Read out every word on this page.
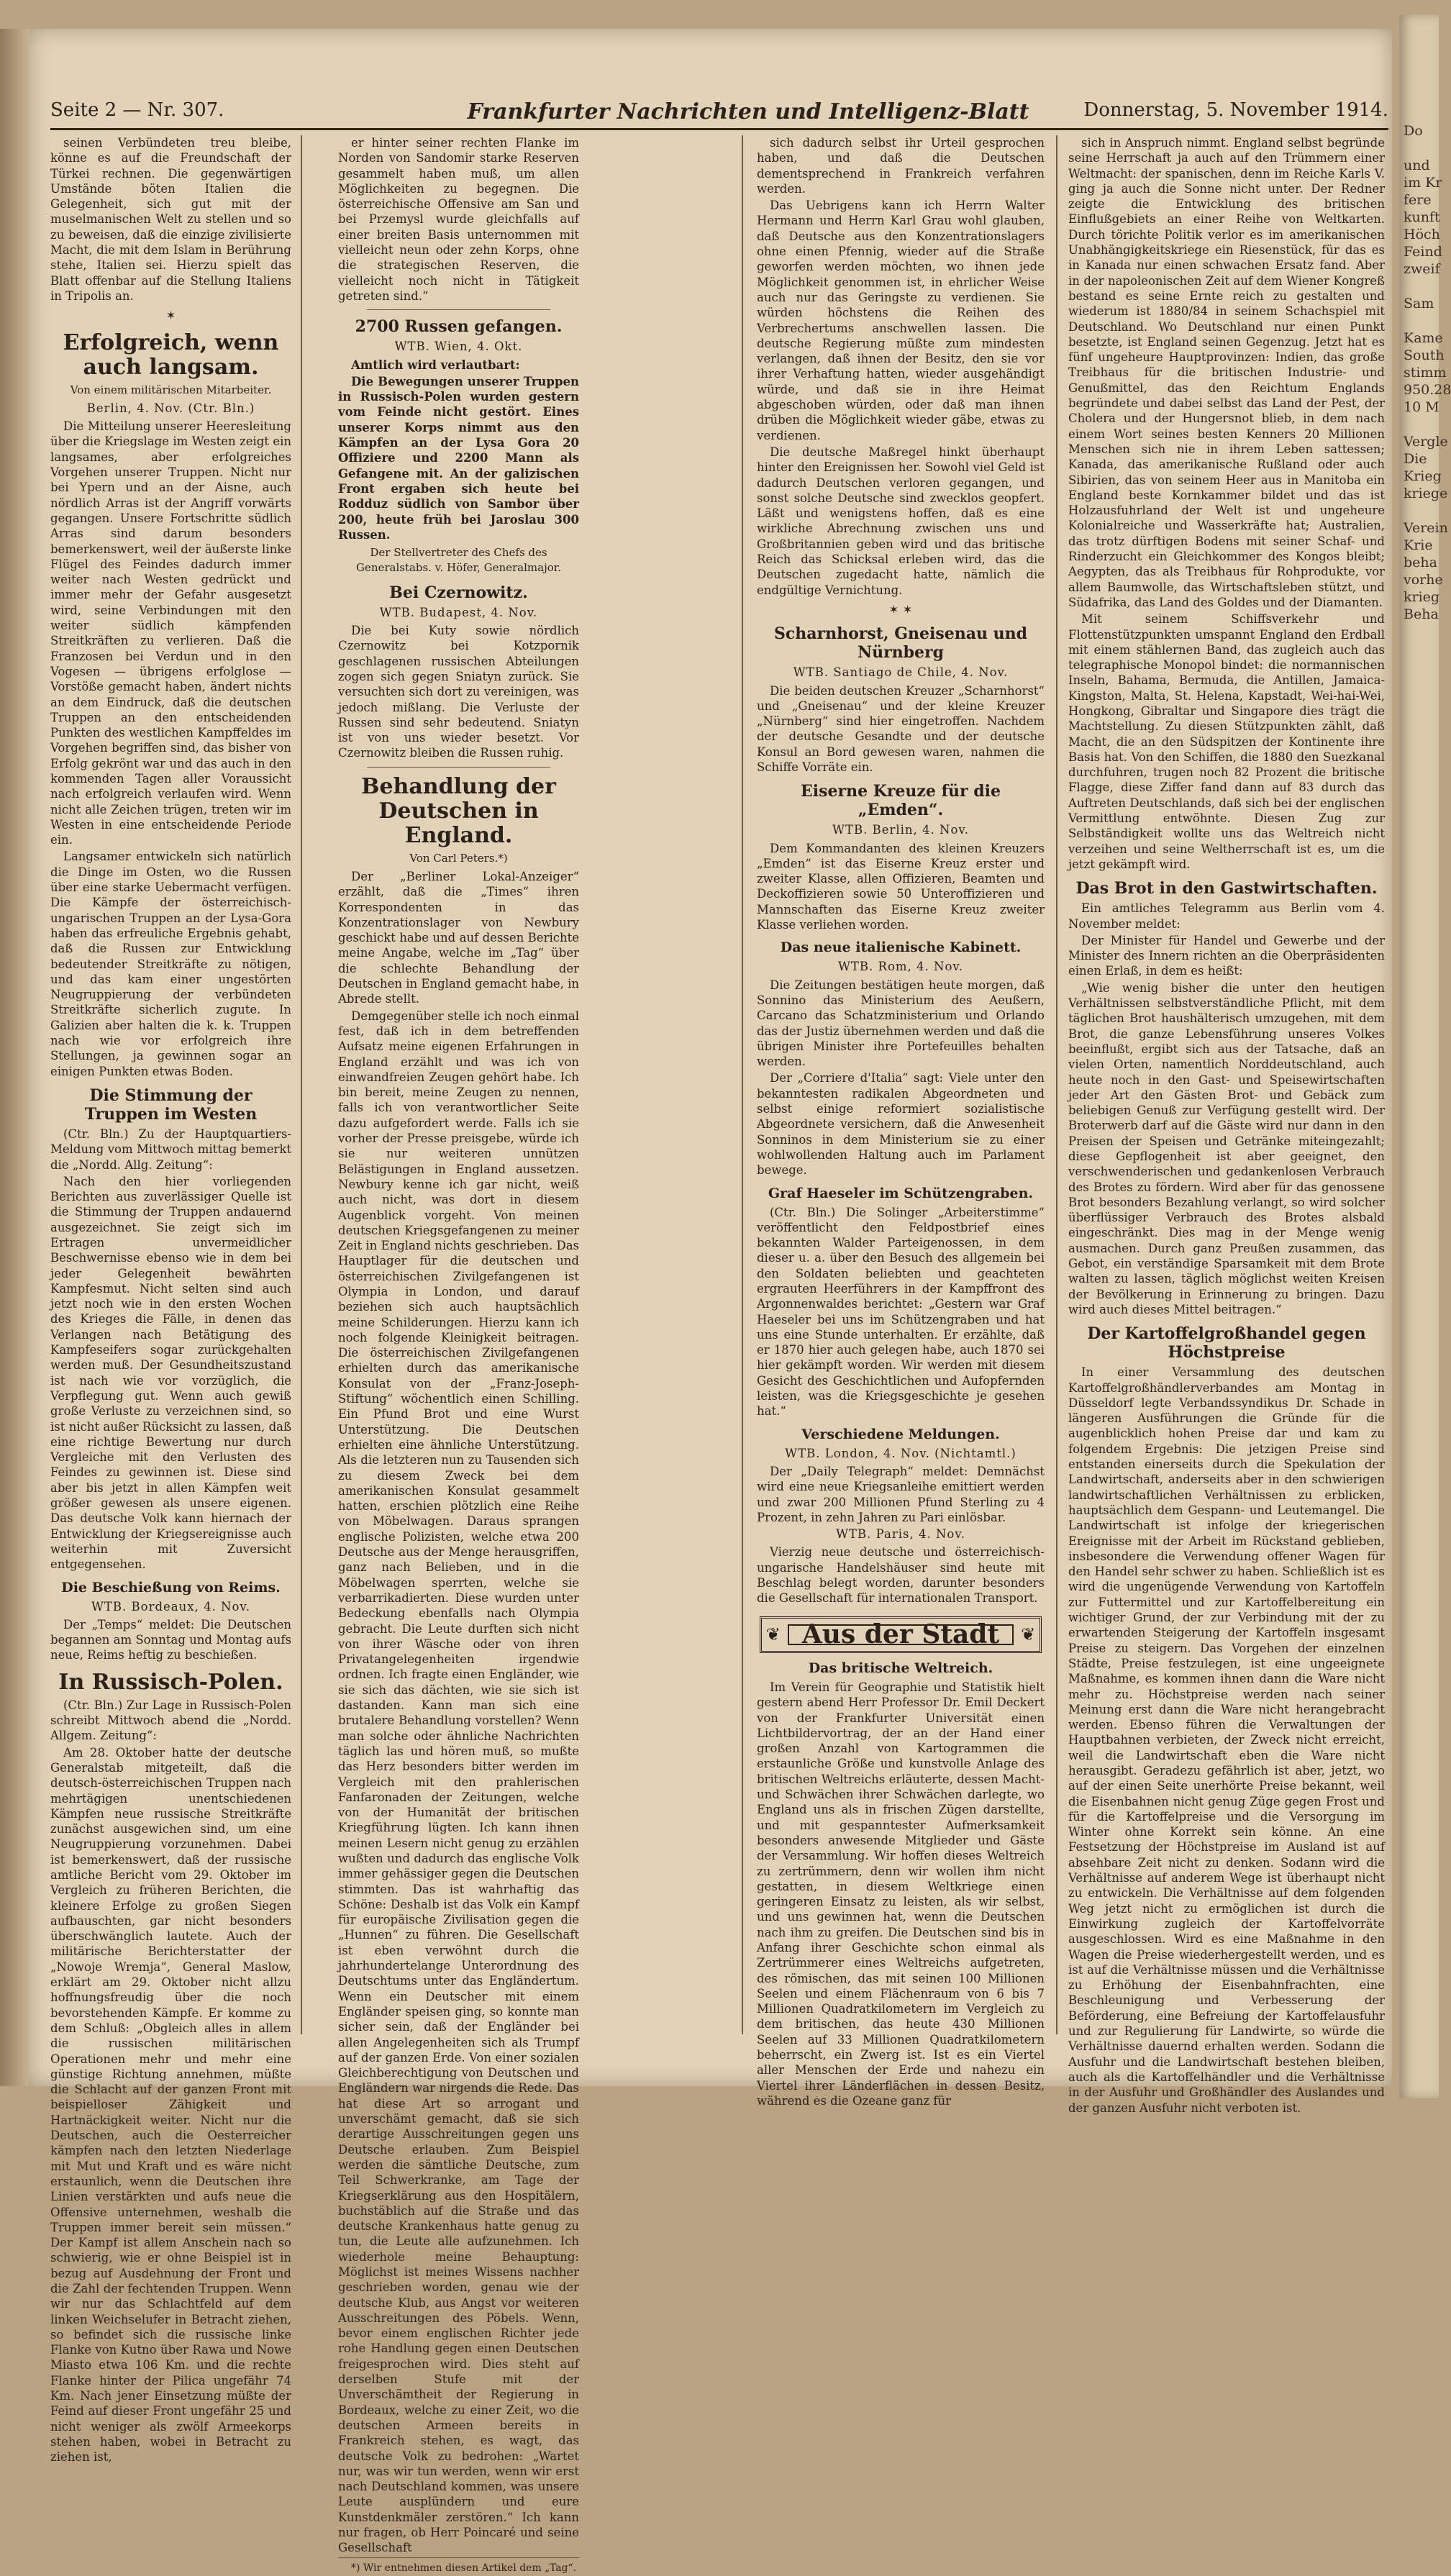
Do

und
im Kr
fere
kunft
Höch
Feind
zweif

Sam

Kame
South
stimm
950.28
10 M

Vergle
Die
Krieg
kriege

Verein
Krie
beha
vorhe
krieg
Beha
Seite 2 — Nr. 307.	Frankfurter Nachrichten und Intelligenz-Blatt	Donnerstag, 5. November 1914.

seinen Verbündeten treu bleibe, könne es auf die Freundschaft der Türkei rechnen. Die gegenwärtigen Umstände böten Italien die Gelegenheit, sich gut mit der muselmanischen Welt zu stellen und so zu beweisen, daß die einzige zivilisierte Macht, die mit dem Islam in Berührung stehe, Italien sei. Hierzu spielt das Blatt offenbar auf die Stellung Italiens in Tripolis an.

✶
Erfolgreich, wenn auch langsam.

Von einem militärischen Mitarbeiter.

Berlin, 4. Nov. (Ctr. Bln.)

Die Mitteilung unserer Heeresleitung über die Kriegslage im Westen zeigt ein langsames, aber erfolgreiches Vorgehen unserer Truppen. Nicht nur bei Ypern und an der Aisne, auch nördlich Arras ist der Angriff vorwärts gegangen. Unsere Fortschritte südlich Arras sind darum besonders bemerkenswert, weil der äußerste linke Flügel des Feindes dadurch immer weiter nach Westen gedrückt und immer mehr der Gefahr ausgesetzt wird, seine Verbindungen mit den weiter südlich kämpfenden Streitkräften zu verlieren. Daß die Franzosen bei Verdun und in den Vogesen — übrigens erfolglose — Vorstöße gemacht haben, ändert nichts an dem Eindruck, daß die deutschen Truppen an den entscheidenden Punkten des westlichen Kampffeldes im Vorgehen begriffen sind, das bisher von Erfolg gekrönt war und das auch in den kommenden Tagen aller Voraussicht nach erfolgreich verlaufen wird. Wenn nicht alle Zeichen trügen, treten wir im Westen in eine entscheidende Periode ein.

Langsamer entwickeln sich natürlich die Dinge im Osten, wo die Russen über eine starke Uebermacht verfügen. Die Kämpfe der österreichisch-ungarischen Truppen an der Lysa-Gora haben das erfreuliche Ergebnis gehabt, daß die Russen zur Entwicklung bedeutender Streitkräfte zu nötigen, und das kam einer ungestörten Neugruppierung der verbündeten Streitkräfte sicherlich zugute. In Galizien aber halten die k. k. Truppen nach wie vor erfolgreich ihre Stellungen, ja gewinnen sogar an einigen Punkten etwas Boden.

Die Stimmung der Truppen im Westen

(Ctr. Bln.) Zu der Hauptquartiers-Meldung vom Mittwoch mittag bemerkt die „Nordd. Allg. Zeitung“:

Nach den hier vorliegenden Berichten aus zuverlässiger Quelle ist die Stimmung der Truppen andauernd ausgezeichnet. Sie zeigt sich im Ertragen unvermeidlicher Beschwernisse ebenso wie in dem bei jeder Gelegenheit bewährten Kampfesmut. Nicht selten sind auch jetzt noch wie in den ersten Wochen des Krieges die Fälle, in denen das Verlangen nach Betätigung des Kampfeseifers sogar zurückgehalten werden muß. Der Gesundheitszustand ist nach wie vor vorzüglich, die Verpflegung gut. Wenn auch gewiß große Verluste zu verzeichnen sind, so ist nicht außer Rücksicht zu lassen, daß eine richtige Bewertung nur durch Vergleiche mit den Verlusten des Feindes zu gewinnen ist. Diese sind aber bis jetzt in allen Kämpfen weit größer gewesen als unsere eigenen. Das deutsche Volk kann hiernach der Entwicklung der Kriegsereignisse auch weiterhin mit Zuversicht entgegensehen.

Die Beschießung von Reims.

WTB. Bordeaux, 4. Nov.

Der „Temps“ meldet: Die Deutschen begannen am Sonntag und Montag aufs neue, Reims heftig zu beschießen.

In Russisch-Polen.

(Ctr. Bln.) Zur Lage in Russisch-Polen schreibt Mittwoch abend die „Nordd. Allgem. Zeitung“:

Am 28. Oktober hatte der deutsche Generalstab mitgeteilt, daß die deutsch-österreichischen Truppen nach mehrtägigen unentschiedenen Kämpfen neue russische Streitkräfte zunächst ausgewichen sind, um eine Neugruppierung vorzunehmen. Dabei ist bemerkenswert, daß der russische amtliche Bericht vom 29. Oktober im Vergleich zu früheren Berichten, die kleinere Erfolge zu großen Siegen aufbauschten, gar nicht besonders überschwänglich lautete. Auch der militärische Berichterstatter der „Nowoje Wremja“, General Maslow, erklärt am 29. Oktober nicht allzu hoffnungsfreudig über die noch bevorstehenden Kämpfe. Er komme zu dem Schluß: „Obgleich alles in allem die russischen militärischen Operationen mehr und mehr eine günstige Richtung annehmen, müßte die Schlacht auf der ganzen Front mit beispielloser Zähigkeit und Hartnäckigkeit weiter. Nicht nur die Deutschen, auch die Oesterreicher kämpfen nach den letzten Niederlage mit Mut und Kraft und es wäre nicht erstaunlich, wenn die Deutschen ihre Linien verstärkten und aufs neue die Offensive unternehmen, weshalb die Truppen immer bereit sein müssen.“ Der Kampf ist allem Anschein nach so schwierig, wie er ohne Beispiel ist in bezug auf Ausdehnung der Front und die Zahl der fechtenden Truppen. Wenn wir nur das Schlachtfeld auf dem linken Weichselufer in Betracht ziehen, so befindet sich die russische linke Flanke von Kutno über Rawa und Nowe Miasto etwa 106 Km. und die rechte Flanke hinter der Pilica ungefähr 74 Km. Nach jener Einsetzung müßte der Feind auf dieser Front ungefähr 25 und nicht weniger als zwölf Armeekorps stehen haben, wobei in Betracht zu ziehen ist,

er hinter seiner rechten Flanke im Norden von Sandomir starke Reserven gesammelt haben muß, um allen Möglichkeiten zu begegnen. Die österreichische Offensive am San und bei Przemysl wurde gleichfalls auf einer breiten Basis unternommen mit vielleicht neun oder zehn Korps, ohne die strategischen Reserven, die vielleicht noch nicht in Tätigkeit getreten sind.“

2700 Russen gefangen.

WTB. Wien, 4. Okt.

Amtlich wird verlautbart:

Die Bewegungen unserer Truppen in Russisch-Polen wurden gestern vom Feinde nicht gestört. Eines unserer Korps nimmt aus den Kämpfen an der Lysa Gora 20 Offiziere und 2200 Mann als Gefangene mit. An der galizischen Front ergaben sich heute bei Rodduz südlich von Sambor über 200, heute früh bei Jaroslau 300 Russen.

Der Stellvertreter des Chefs des Generalstabs. v. Höfer, Generalmajor.

Bei Czernowitz.

WTB. Budapest, 4. Nov.

Die bei Kuty sowie nördlich Czernowitz bei Kotzpornik geschlagenen russischen Abteilungen zogen sich gegen Sniatyn zurück. Sie versuchten sich dort zu vereinigen, was jedoch mißlang. Die Verluste der Russen sind sehr bedeutend. Sniatyn ist von uns wieder besetzt. Vor Czernowitz bleiben die Russen ruhig.

Behandlung der Deutschen in England.

Von Carl Peters.*)

Der „Berliner Lokal-Anzeiger“ erzählt, daß die „Times“ ihren Korrespondenten in das Konzentrationslager von Newbury geschickt habe und auf dessen Berichte meine Angabe, welche im „Tag“ über die schlechte Behandlung der Deutschen in England gemacht habe, in Abrede stellt.

Demgegenüber stelle ich noch einmal fest, daß ich in dem betreffenden Aufsatz meine eigenen Erfahrungen in England erzählt und was ich von einwandfreien Zeugen gehört habe. Ich bin bereit, meine Zeugen zu nennen, falls ich von verantwortlicher Seite dazu aufgefordert werde. Falls ich sie vorher der Presse preisgebe, würde ich sie nur weiteren unnützen Belästigungen in England aussetzen. Newbury kenne ich gar nicht, weiß auch nicht, was dort in diesem Augenblick vorgeht. Von meinen deutschen Kriegsgefangenen zu meiner Zeit in England nichts geschrieben. Das Hauptlager für die deutschen und österreichischen Zivilgefangenen ist Olympia in London, und darauf beziehen sich auch hauptsächlich meine Schilderungen. Hierzu kann ich noch folgende Kleinigkeit beitragen. Die österreichischen Zivilgefangenen erhielten durch das amerikanische Konsulat von der „Franz-Joseph-Stiftung“ wöchentlich einen Schilling. Ein Pfund Brot und eine Wurst Unterstützung. Die Deutschen erhielten eine ähnliche Unterstützung. Als die letzteren nun zu Tausenden sich zu diesem Zweck bei dem amerikanischen Konsulat gesammelt hatten, erschien plötzlich eine Reihe von Möbelwagen. Daraus sprangen englische Polizisten, welche etwa 200 Deutsche aus der Menge herausgriffen, ganz nach Belieben, und in die Möbelwagen sperrten, welche sie verbarrikadierten. Diese wurden unter Bedeckung ebenfalls nach Olympia gebracht. Die Leute durften sich nicht von ihrer Wäsche oder von ihren Privatangelegenheiten irgendwie ordnen. Ich fragte einen Engländer, wie sie sich das dächten, wie sie sich ist dastanden. Kann man sich eine brutalere Behandlung vorstellen? Wenn man solche oder ähnliche Nachrichten täglich las und hören muß, so mußte das Herz besonders bitter werden im Vergleich mit den prahlerischen Fanfaronaden der Zeitungen, welche von der Humanität der britischen Kriegführung lügten. Ich kann ihnen meinen Lesern nicht genug zu erzählen wußten und dadurch das englische Volk immer gehässiger gegen die Deutschen stimmten. Das ist wahrhaftig das Schöne: Deshalb ist das Volk ein Kampf für europäische Zivilisation gegen die „Hunnen“ zu führen. Die Gesellschaft ist eben verwöhnt durch die jahrhundertelange Unterordnung des Deutschtums unter das Engländertum. Wenn ein Deutscher mit einem Engländer speisen ging, so konnte man sicher sein, daß der Engländer bei allen Angelegenheiten sich als Trumpf auf der ganzen Erde. Von einer sozialen Gleichberechtigung von Deutschen und Engländern war nirgends die Rede. Das hat diese Art so arrogant und unverschämt gemacht, daß sie sich derartige Ausschreitungen gegen uns Deutsche erlauben. Zum Beispiel werden die sämtliche Deutsche, zum Teil Schwerkranke, am Tage der Kriegserklärung aus den Hospitälern, buchstäblich auf die Straße und das deutsche Krankenhaus hatte genug zu tun, die Leute alle aufzunehmen. Ich wiederhole meine Behauptung: Möglichst ist meines Wissens nachher geschrieben worden, genau wie der deutsche Klub, aus Angst vor weiteren Ausschreitungen des Pöbels. Wenn, bevor einem englischen Richter jede rohe Handlung gegen einen Deutschen freigesprochen wird. Dies steht auf derselben Stufe mit der Unverschämtheit der Regierung in Bordeaux, welche zu einer Zeit, wo die deutschen Armeen bereits in Frankreich stehen, es wagt, das deutsche Volk zu bedrohen: „Wartet nur, was wir tun werden, wenn wir erst nach Deutschland kommen, was unsere Leute ausplündern und eure Kunstdenkmäler zerstören.“ Ich kann nur fragen, ob Herr Poincaré und seine Gesellschaft

*) Wir entnehmen diesen Artikel dem „Tag“.

sich dadurch selbst ihr Urteil gesprochen haben, und daß die Deutschen dementsprechend in Frankreich verfahren werden.

Das Uebrigens kann ich Herrn Walter Hermann und Herrn Karl Grau wohl glauben, daß Deutsche aus den Konzentrationslagers ohne einen Pfennig, wieder auf die Straße geworfen werden möchten, wo ihnen jede Möglichkeit genommen ist, in ehrlicher Weise auch nur das Geringste zu verdienen. Sie würden höchstens die Reihen des Verbrechertums anschwellen lassen. Die deutsche Regierung müßte zum mindesten verlangen, daß ihnen der Besitz, den sie vor ihrer Verhaftung hatten, wieder ausgehändigt würde, und daß sie in ihre Heimat abgeschoben würden, oder daß man ihnen drüben die Möglichkeit wieder gäbe, etwas zu verdienen.

Die deutsche Maßregel hinkt überhaupt hinter den Ereignissen her. Sowohl viel Geld ist dadurch Deutschen verloren gegangen, und sonst solche Deutsche sind zwecklos geopfert. Läßt und wenigstens hoffen, daß es eine wirkliche Abrechnung zwischen uns und Großbritannien geben wird und das britische Reich das Schicksal erleben wird, das die Deutschen zugedacht hatte, nämlich die endgültige Vernichtung.

✶ ✶
Scharnhorst, Gneisenau und Nürnberg

WTB. Santiago de Chile, 4. Nov.

Die beiden deutschen Kreuzer „Scharnhorst“ und „Gneisenau“ und der kleine Kreuzer „Nürnberg“ sind hier eingetroffen. Nachdem der deutsche Gesandte und der deutsche Konsul an Bord gewesen waren, nahmen die Schiffe Vorräte ein.

Eiserne Kreuze für die „Emden“.

WTB. Berlin, 4. Nov.

Dem Kommandanten des kleinen Kreuzers „Emden“ ist das Eiserne Kreuz erster und zweiter Klasse, allen Offizieren, Beamten und Deckoffizieren sowie 50 Unteroffizieren und Mannschaften das Eiserne Kreuz zweiter Klasse verliehen worden.

Das neue italienische Kabinett.

WTB. Rom, 4. Nov.

Die Zeitungen bestätigen heute morgen, daß Sonnino das Ministerium des Aeußern, Carcano das Schatzministerium und Orlando das der Justiz übernehmen werden und daß die übrigen Minister ihre Portefeuilles behalten werden.

Der „Corriere d'Italia“ sagt: Viele unter den bekanntesten radikalen Abgeordneten und selbst einige reformiert sozialistische Abgeordnete versichern, daß die Anwesenheit Sonninos in dem Ministerium sie zu einer wohlwollenden Haltung auch im Parlament bewege.

Graf Haeseler im Schützengraben.

(Ctr. Bln.) Die Solinger „Arbeiterstimme“ veröffentlicht den Feldpostbrief eines bekannten Walder Parteigenossen, in dem dieser u. a. über den Besuch des allgemein bei den Soldaten beliebten und geachteten ergrauten Heerführers in der Kampffront des Argonnenwaldes berichtet: „Gestern war Graf Haeseler bei uns im Schützengraben und hat uns eine Stunde unterhalten. Er erzählte, daß er 1870 hier auch gelegen habe, auch 1870 sei hier gekämpft worden. Wir werden mit diesem Gesicht des Geschichtlichen und Aufopfernden leisten, was die Kriegsgeschichte je gesehen hat.“

Verschiedene Meldungen.

WTB. London, 4. Nov. (Nichtamtl.)

Der „Daily Telegraph“ meldet: Demnächst wird eine neue Kriegsanleihe emittiert werden und zwar 200 Millionen Pfund Sterling zu 4 Prozent, in zehn Jahren zu Pari einlösbar.

WTB. Paris, 4. Nov.

Vierzig neue deutsche und österreichisch-ungarische Handelshäuser sind heute mit Beschlag belegt worden, darunter besonders die Gesellschaft für internationalen Transport.

❦ Aus der Stadt	❦
Das britische Weltreich.

Im Verein für Geographie und Statistik hielt gestern abend Herr Professor Dr. Emil Deckert von der Frankfurter Universität einen Lichtbildervortrag, der an der Hand einer großen Anzahl von Kartogrammen die erstaunliche Größe und kunstvolle Anlage des britischen Weltreichs erläuterte, dessen Macht- und Schwächen ihrer Schwächen darlegte, wo England uns als in frischen Zügen darstellte, und mit gespanntester Aufmerksamkeit besonders anwesende Mitglieder und Gäste der Versammlung. Wir hoffen dieses Weltreich zu zertrümmern, denn wir wollen ihm nicht gestatten, in diesem Weltkriege einen geringeren Einsatz zu leisten, als wir selbst, und uns gewinnen hat, wenn die Deutschen nach ihm zu greifen. Die Deutschen sind bis in Anfang ihrer Geschichte schon einmal als Zertrümmerer eines Weltreichs aufgetreten, des römischen, das mit seinen 100 Millionen Seelen und einem Flächenraum von 6 bis 7 Millionen Quadratkilometern im Vergleich zu dem britischen, das heute 430 Millionen Seelen auf 33 Millionen Quadratkilometern beherrscht, ein Zwerg ist. Ist es ein Viertel aller Menschen der Erde und nahezu ein Viertel ihrer Länderflächen in dessen Besitz, während es die Ozeane ganz für

sich in Anspruch nimmt. England selbst begründe seine Herrschaft ja auch auf den Trümmern einer Weltmacht: der spanischen, denn im Reiche Karls V. ging ja auch die Sonne nicht unter. Der Redner zeigte die Entwicklung des britischen Einflußgebiets an einer Reihe von Weltkarten. Durch törichte Politik verlor es im amerikanischen Unabhängigkeitskriege ein Riesenstück, für das es in Kanada nur einen schwachen Ersatz fand. Aber in der napoleonischen Zeit auf dem Wiener Kongreß bestand es seine Ernte reich zu gestalten und wiederum ist 1880/84 in seinem Schachspiel mit Deutschland. Wo Deutschland nur einen Punkt besetzte, ist England seinen Gegenzug. Jetzt hat es fünf ungeheure Hauptprovinzen: Indien, das große Treibhaus für die britischen Industrie- und Genußmittel, das den Reichtum Englands begründete und dabei selbst das Land der Pest, der Cholera und der Hungersnot blieb, in dem nach einem Wort seines besten Kenners 20 Millionen Menschen sich nie in ihrem Leben sattessen; Kanada, das amerikanische Rußland oder auch Sibirien, das von seinem Heer aus in Manitoba ein England beste Kornkammer bildet und das ist Holzausfuhrland der Welt ist und ungeheure Kolonialreiche und Wasserkräfte hat; Australien, das trotz dürftigen Bodens mit seiner Schaf- und Rinderzucht ein Gleichkommer des Kongos bleibt; Aegypten, das als Treibhaus für Rohprodukte, vor allem Baumwolle, das Wirtschaftsleben stützt, und Südafrika, das Land des Goldes und der Diamanten.

Mit seinem Schiffsverkehr und Flottenstützpunkten umspannt England den Erdball mit einem stählernen Band, das zugleich auch das telegraphische Monopol bindet: die normannischen Inseln, Bahama, Bermuda, die Antillen, Jamaica-Kingston, Malta, St. Helena, Kapstadt, Wei-hai-Wei, Hongkong, Gibraltar und Singapore dies trägt die Machtstellung. Zu diesen Stützpunkten zählt, daß Macht, die an den Südspitzen der Kontinente ihre Basis hat. Von den Schiffen, die 1880 den Suezkanal durchfuhren, trugen noch 82 Prozent die britische Flagge, diese Ziffer fand dann auf 83 durch das Auftreten Deutschlands, daß sich bei der englischen Vermittlung entwöhnte. Diesen Zug zur Selbständigkeit wollte uns das Weltreich nicht verzeihen und seine Weltherrschaft ist es, um die jetzt gekämpft wird.

Das Brot in den Gastwirtschaften.

Ein amtliches Telegramm aus Berlin vom 4. November meldet:

Der Minister für Handel und Gewerbe und der Minister des Innern richten an die Oberpräsidenten einen Erlaß, in dem es heißt:

„Wie wenig bisher die unter den heutigen Verhältnissen selbstverständliche Pflicht, mit dem täglichen Brot haushälterisch umzugehen, mit dem Brot, die ganze Lebensführung unseres Volkes beeinflußt, ergibt sich aus der Tatsache, daß an vielen Orten, namentlich Norddeutschland, auch heute noch in den Gast- und Speisewirtschaften jeder Art den Gästen Brot- und Gebäck zum beliebigen Genuß zur Verfügung gestellt wird. Der Broterwerb darf auf die Gäste wird nur dann in den Preisen der Speisen und Getränke miteingezahlt; diese Gepflogenheit ist aber geeignet, den verschwenderischen und gedankenlosen Verbrauch des Brotes zu fördern. Wird aber für das genossene Brot besonders Bezahlung verlangt, so wird solcher überflüssiger Verbrauch des Brotes alsbald eingeschränkt. Dies mag in der Menge wenig ausmachen. Durch ganz Preußen zusammen, das Gebot, ein verständige Sparsamkeit mit dem Brote walten zu lassen, täglich möglichst weiten Kreisen der Bevölkerung in Erinnerung zu bringen. Dazu wird auch dieses Mittel beitragen.“

Der Kartoffelgroßhandel gegen Höchstpreise

In einer Versammlung des deutschen Kartoffelgroßhändlerverbandes am Montag in Düsseldorf legte Verbandssyndikus Dr. Schade in längeren Ausführungen die Gründe für die augenblicklich hohen Preise dar und kam zu folgendem Ergebnis: Die jetzigen Preise sind entstanden einerseits durch die Spekulation der Landwirtschaft, anderseits aber in den schwierigen landwirtschaftlichen Verhältnissen zu erblicken, hauptsächlich dem Gespann- und Leutemangel. Die Landwirtschaft ist infolge der kriegerischen Ereignisse mit der Arbeit im Rückstand geblieben, insbesondere die Verwendung offener Wagen für den Handel sehr schwer zu haben. Schließlich ist es wird die ungenügende Verwendung von Kartoffeln zur Futtermittel und zur Kartoffelbereitung ein wichtiger Grund, der zur Verbindung mit der zu erwartenden Steigerung der Kartoffeln insgesamt Preise zu steigern. Das Vorgehen der einzelnen Städte, Preise festzulegen, ist eine ungeeignete Maßnahme, es kommen ihnen dann die Ware nicht mehr zu. Höchstpreise werden nach seiner Meinung erst dann die Ware nicht herangebracht werden. Ebenso führen die Verwaltungen der Hauptbahnen verbieten, der Zweck nicht erreicht, weil die Landwirtschaft eben die Ware nicht herausgibt. Geradezu gefährlich ist aber, jetzt, wo auf der einen Seite unerhörte Preise bekannt, weil die Eisenbahnen nicht genug Züge gegen Frost und für die Kartoffelpreise und die Versorgung im Winter ohne Korrekt sein könne. An eine Festsetzung der Höchstpreise im Ausland ist auf absehbare Zeit nicht zu denken. Sodann wird die Verhältnisse auf anderem Wege ist überhaupt nicht zu entwickeln. Die Verhältnisse auf dem folgenden Weg jetzt nicht zu ermöglichen ist durch die Einwirkung zugleich der Kartoffelvorräte ausgeschlossen. Wird es eine Maßnahme in den Wagen die Preise wiederhergestellt werden, und es ist auf die Verhältnisse müssen und die Verhältnisse zu Erhöhung der Eisenbahnfrachten, eine Beschleunigung und Verbesserung der Beförderung, eine Befreiung der Kartoffelausfuhr und zur Regulierung für Landwirte, so würde die Verhältnisse dauernd erhalten werden. Sodann die Ausfuhr und die Landwirtschaft bestehen bleiben, auch als die Kartoffelhändler und die Verhältnisse in der Ausfuhr und Großhändler des Auslandes und der ganzen Ausfuhr nicht verboten ist.
